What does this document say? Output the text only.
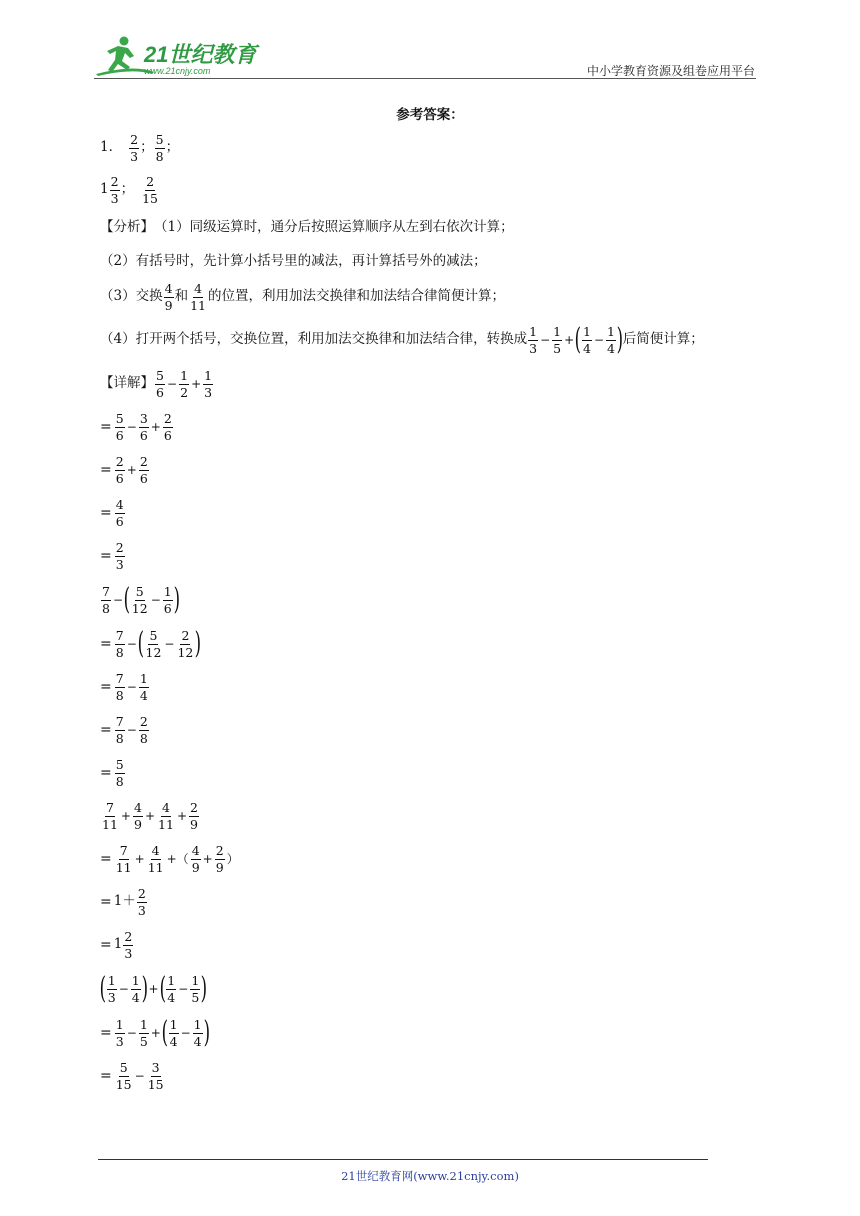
21世纪教育
www.21cnjy.com	中小学教育资源及组卷应用平台
参考答案：
1． $\frac{2}{3}$ ； $\frac{5}{8}$ ；
$1 \frac{2}{3}$ ； $\frac{2}{15}$
【分析】 （1）同级运算时，通分后按照运算顺序从左到右依次计算；
（2）有括号时，先计算小括号里的减法，再计算括号外的减法；
（3）交换 $\frac{4}{9}$ 和 $\frac{4}{11}$ 的位置，利用加法交换律和加法结合律简便计算；
（4）打开两个括号，交换位置，利用加法交换律和加法结合律，转换成 $\frac{1}{3} - \frac{1}{5}$ + ( $\frac{1}{4} - \frac{1}{4}$ ) 后简便计算；
【详解】 $\frac{5}{6} - \frac{1}{2} + \frac{1}{3}$
= $\frac{5}{6} - \frac{3}{6} + \frac{2}{6}$
= $\frac{2}{6} + \frac{2}{6}$
= $\frac{4}{6}$
= $\frac{2}{3}$
$\frac{7}{8}$ − ( $\frac{5}{12} - \frac{1}{6}$ )
= $\frac{7}{8}$ − ( $\frac{5}{12} - \frac{2}{12}$ )
= $\frac{7}{8} - \frac{1}{4}$
= $\frac{7}{8} - \frac{2}{8}$
= $\frac{5}{8}$
$\frac{7}{11} + \frac{4}{9} + \frac{4}{11} + \frac{2}{9}$
= $\frac{7}{11} + \frac{4}{11}$ +（ $\frac{4}{9} + \frac{2}{9}$ ）
= $1+ \frac{2}{3}$
= $1 \frac{2}{3}$
( $\frac{1}{3} - \frac{1}{4}$ ) + ( $\frac{1}{4} - \frac{1}{5}$ )
= $\frac{1}{3} - \frac{1}{5}$ + ( $\frac{1}{4} - \frac{1}{4}$ )
= $\frac{5}{15} - \frac{3}{15}$
21世纪教育网(www.21cnjy.com)
